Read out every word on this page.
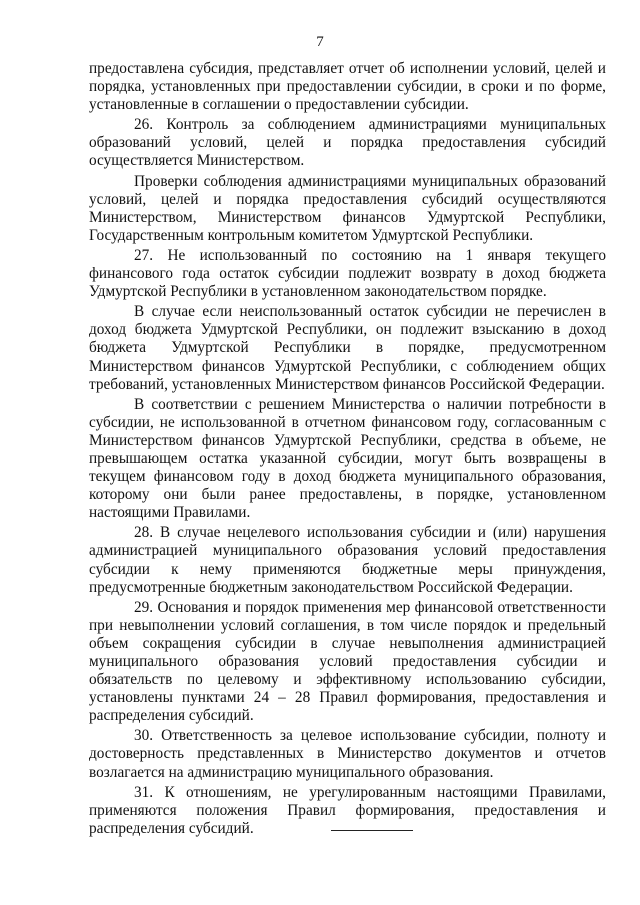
7

предоставлена субсидия, представляет отчет об исполнении условий, целей и порядка, установленных при предоставлении субсидии, в сроки и по форме, установленные в соглашении о предоставлении субсидии.

26. Контроль за соблюдением администрациями муниципальных образований условий, целей и порядка предоставления субсидий осуществляется Министерством.

Проверки соблюдения администрациями муниципальных образований условий, целей и порядка предоставления субсидий осуществляются Министерством, Министерством финансов Удмуртской Республики, Государственным контрольным комитетом Удмуртской Республики.

27. Не использованный по состоянию на 1 января текущего финансового года остаток субсидии подлежит возврату в доход бюджета Удмуртской Республики в установленном законодательством порядке.

В случае если неиспользованный остаток субсидии не перечислен в доход бюджета Удмуртской Республики, он подлежит взысканию в доход бюджета Удмуртской Республики в порядке, предусмотренном Министерством финансов Удмуртской Республики, с соблюдением общих требований, установленных Министерством финансов Российской Федерации.

В соответствии с решением Министерства о наличии потребности в субсидии, не использованной в отчетном финансовом году, согласованным с Министерством финансов Удмуртской Республики, средства в объеме, не превышающем остатка указанной субсидии, могут быть возвращены в текущем финансовом году в доход бюджета муниципального образования, которому они были ранее предоставлены, в порядке, установленном настоящими Правилами.

28. В случае нецелевого использования субсидии и (или) нарушения администрацией муниципального образования условий предоставления субсидии к нему применяются бюджетные меры принуждения, предусмотренные бюджетным законодательством Российской Федерации.

29. Основания и порядок применения мер финансовой ответственности при невыполнении условий соглашения, в том числе порядок и предельный объем сокращения субсидии в случае невыполнения администрацией муниципального образования условий предоставления субсидии и обязательств по целевому и эффективному использованию субсидии, установлены пунктами 24 – 28 Правил формирования, предоставления и распределения субсидий.

30. Ответственность за целевое использование субсидии, полноту и достоверность представленных в Министерство документов и отчетов возлагается на администрацию муниципального образования.

31. К отношениям, не урегулированным настоящими Правилами, применяются положения Правил формирования, предоставления и распределения субсидий.
